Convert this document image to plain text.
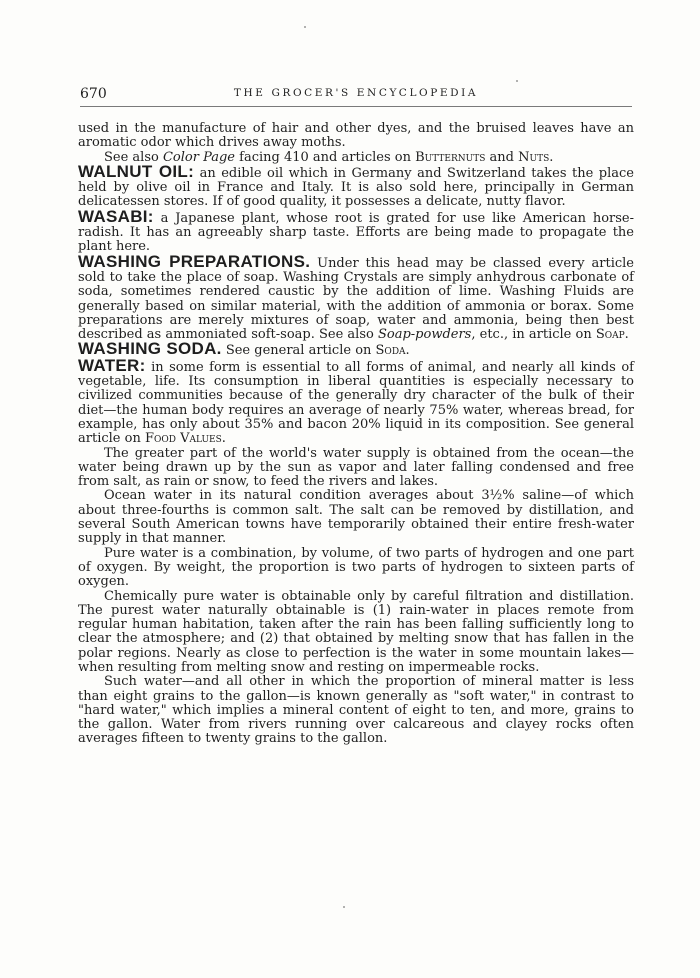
670	THE GROCER'S ENCYCLOPEDIA

used in the manufacture of hair and other dyes, and the bruised leaves have an aromatic odor which drives away moths.

See also Color Page facing 410 and articles on Butternuts and Nuts.

WALNUT OIL: an edible oil which in Germany and Switzerland takes the place held by olive oil in France and Italy. It is also sold here, principally in German delicatessen stores. If of good quality, it possesses a delicate, nutty flavor.

WASABI: a Japanese plant, whose root is grated for use like American horse-radish. It has an agreeably sharp taste. Efforts are being made to propagate the plant here.

WASHING PREPARATIONS. Under this head may be classed every article sold to take the place of soap. Washing Crystals are simply anhydrous carbonate of soda, sometimes rendered caustic by the addition of lime. Washing Fluids are generally based on similar material, with the addition of ammonia or borax. Some preparations are merely mixtures of soap, water and ammonia, being then best described as ammoniated soft-soap. See also Soap-powders, etc., in article on Soap.

WASHING SODA. See general article on Soda.

WATER: in some form is essential to all forms of animal, and nearly all kinds of vegetable, life. Its consumption in liberal quantities is especially necessary to civilized communities because of the generally dry character of the bulk of their diet—the human body requires an average of nearly 75% water, whereas bread, for example, has only about 35% and bacon 20% liquid in its composition. See general article on Food Values.

The greater part of the world's water supply is obtained from the ocean—the water being drawn up by the sun as vapor and later falling condensed and free from salt, as rain or snow, to feed the rivers and lakes.

Ocean water in its natural condition averages about 3½% saline—of which about three-fourths is common salt. The salt can be removed by distillation, and several South American towns have temporarily obtained their entire fresh-water supply in that manner.

Pure water is a combination, by volume, of two parts of hydrogen and one part of oxygen. By weight, the proportion is two parts of hydrogen to sixteen parts of oxygen.

Chemically pure water is obtainable only by careful filtration and distillation. The purest water naturally obtainable is (1) rain-water in places remote from regular human habitation, taken after the rain has been falling sufficiently long to clear the atmosphere; and (2) that obtained by melting snow that has fallen in the polar regions. Nearly as close to perfection is the water in some mountain lakes—when resulting from melting snow and resting on impermeable rocks.

Such water—and all other in which the proportion of mineral matter is less than eight grains to the gallon—is known generally as "soft water," in contrast to "hard water," which implies a mineral content of eight to ten, and more, grains to the gallon. Water from rivers running over calcareous and clayey rocks often averages fifteen to twenty grains to the gallon.
